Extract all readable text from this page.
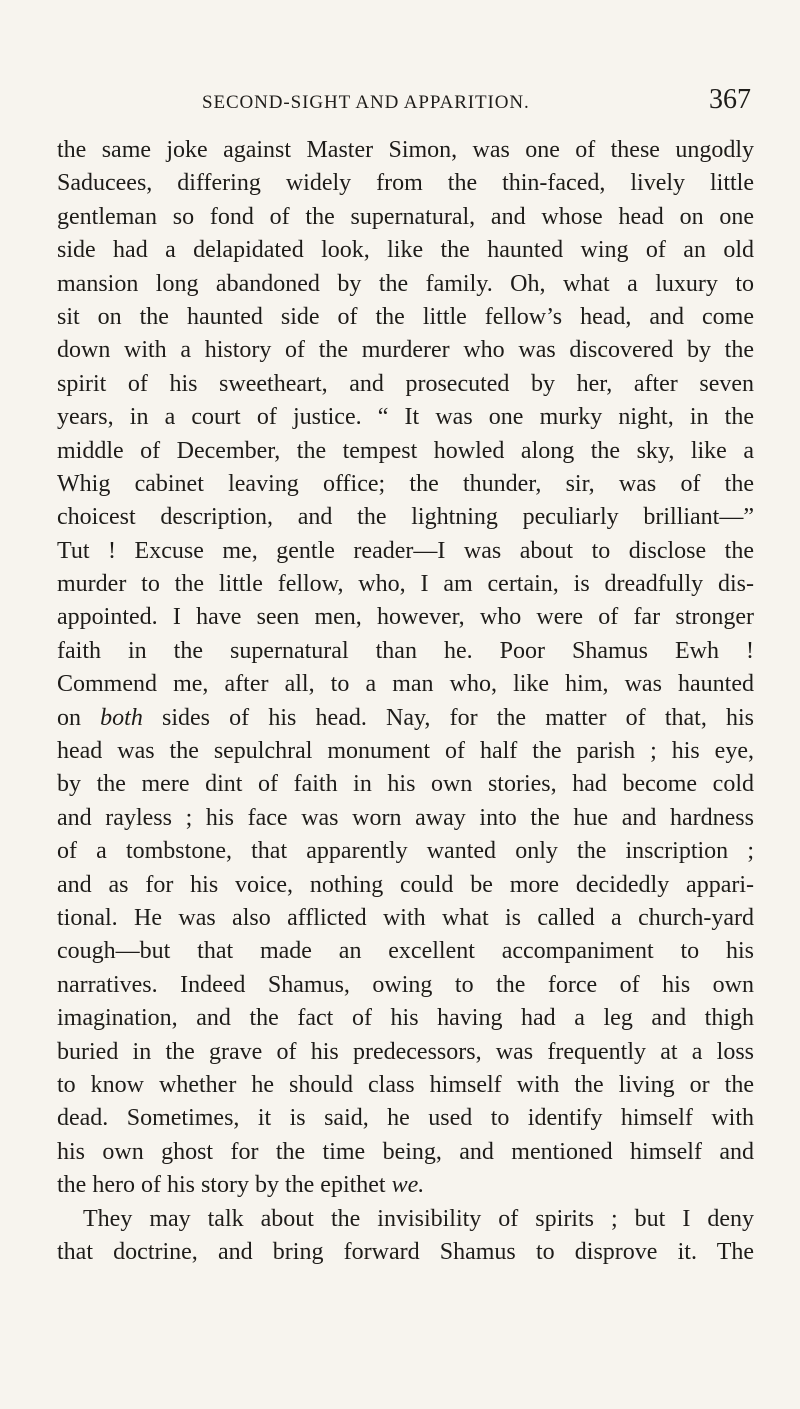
SECOND-SIGHT AND APPARITION.	367
the same joke against Master Simon, was one of these ungodly
Saducees, differing widely from the thin-faced, lively little
gentleman so fond of the supernatural, and whose head on one
side had a delapidated look, like the haunted wing of an old
mansion long abandoned by the family. Oh, what a luxury to
sit on the haunted side of the little fellow’s head, and come
down with a history of the murderer who was discovered by the
spirit of his sweetheart, and prosecuted by her, after seven
years, in a court of justice. “ It was one murky night, in the
middle of December, the tempest howled along the sky, like a
Whig cabinet leaving office; the thunder, sir, was of the
choicest description, and the lightning peculiarly brilliant—”
Tut ! Excuse me, gentle reader—I was about to disclose the
murder to the little fellow, who, I am certain, is dreadfully dis-
appointed. I have seen men, however, who were of far stronger
faith in the supernatural than he. Poor Shamus Ewh !
Commend me, after all, to a man who, like him, was haunted
on both sides of his head. Nay, for the matter of that, his
head was the sepulchral monument of half the parish ; his eye,
by the mere dint of faith in his own stories, had become cold
and rayless ; his face was worn away into the hue and hardness
of a tombstone, that apparently wanted only the inscription ;
and as for his voice, nothing could be more decidedly appari-
tional. He was also afflicted with what is called a church-yard
cough—but that made an excellent accompaniment to his
narratives. Indeed Shamus, owing to the force of his own
imagination, and the fact of his having had a leg and thigh
buried in the grave of his predecessors, was frequently at a loss
to know whether he should class himself with the living or the
dead. Sometimes, it is said, he used to identify himself with
his own ghost for the time being, and mentioned himself and
the hero of his story by the epithet we.
They may talk about the invisibility of spirits ; but I deny
that doctrine, and bring forward Shamus to disprove it. The
